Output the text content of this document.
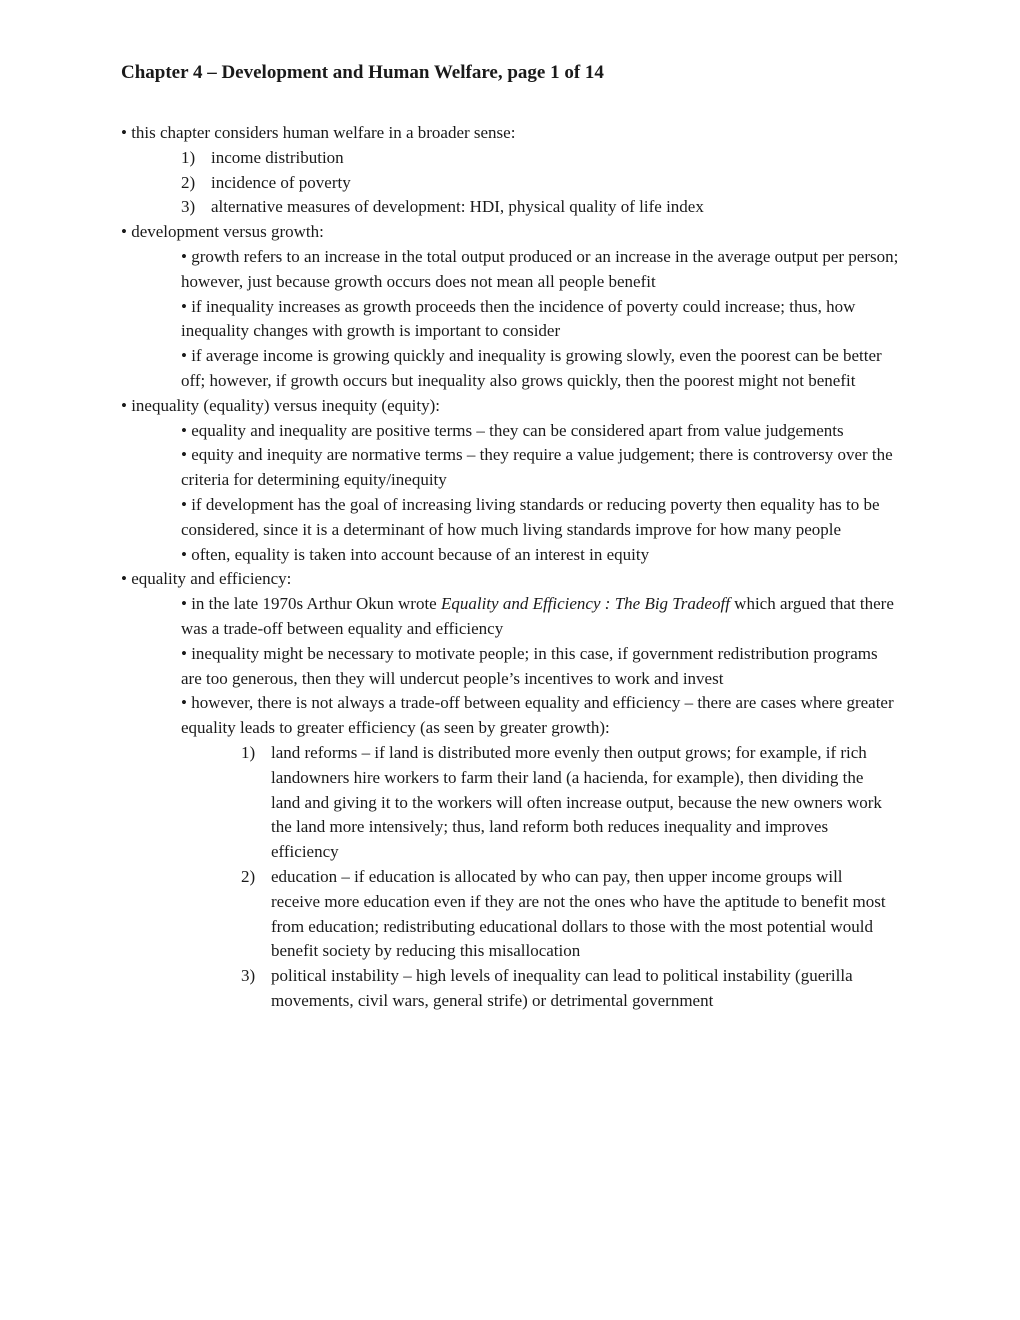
Chapter 4 – Development and Human Welfare, page 1 of 14
• this chapter considers human welfare in a broader sense:
1) income distribution
2) incidence of poverty
3) alternative measures of development: HDI, physical quality of life index
• development versus growth:
• growth refers to an increase in the total output produced or an increase in the average output per person; however, just because growth occurs does not mean all people benefit
• if inequality increases as growth proceeds then the incidence of poverty could increase; thus, how inequality changes with growth is important to consider
• if average income is growing quickly and inequality is growing slowly, even the poorest can be better off; however, if growth occurs but inequality also grows quickly, then the poorest might not benefit
• inequality (equality) versus inequity (equity):
• equality and inequality are positive terms – they can be considered apart from value judgements
• equity and inequity are normative terms – they require a value judgement; there is controversy over the criteria for determining equity/inequity
• if development has the goal of increasing living standards or reducing poverty then equality has to be considered, since it is a determinant of how much living standards improve for how many people
• often, equality is taken into account because of an interest in equity
• equality and efficiency:
• in the late 1970s Arthur Okun wrote Equality and Efficiency : The Big Tradeoff which argued that there was a trade-off between equality and efficiency
• inequality might be necessary to motivate people; in this case, if government redistribution programs are too generous, then they will undercut people’s incentives to work and invest
• however, there is not always a trade-off between equality and efficiency – there are cases where greater equality leads to greater efficiency (as seen by greater growth):
1) land reforms – if land is distributed more evenly then output grows; for example, if rich landowners hire workers to farm their land (a hacienda, for example), then dividing the land and giving it to the workers will often increase output, because the new owners work the land more intensively; thus, land reform both reduces inequality and improves efficiency
2) education – if education is allocated by who can pay, then upper income groups will receive more education even if they are not the ones who have the aptitude to benefit most from education; redistributing educational dollars to those with the most potential would benefit society by reducing this misallocation
3) political instability – high levels of inequality can lead to political instability (guerilla movements, civil wars, general strife) or detrimental government
